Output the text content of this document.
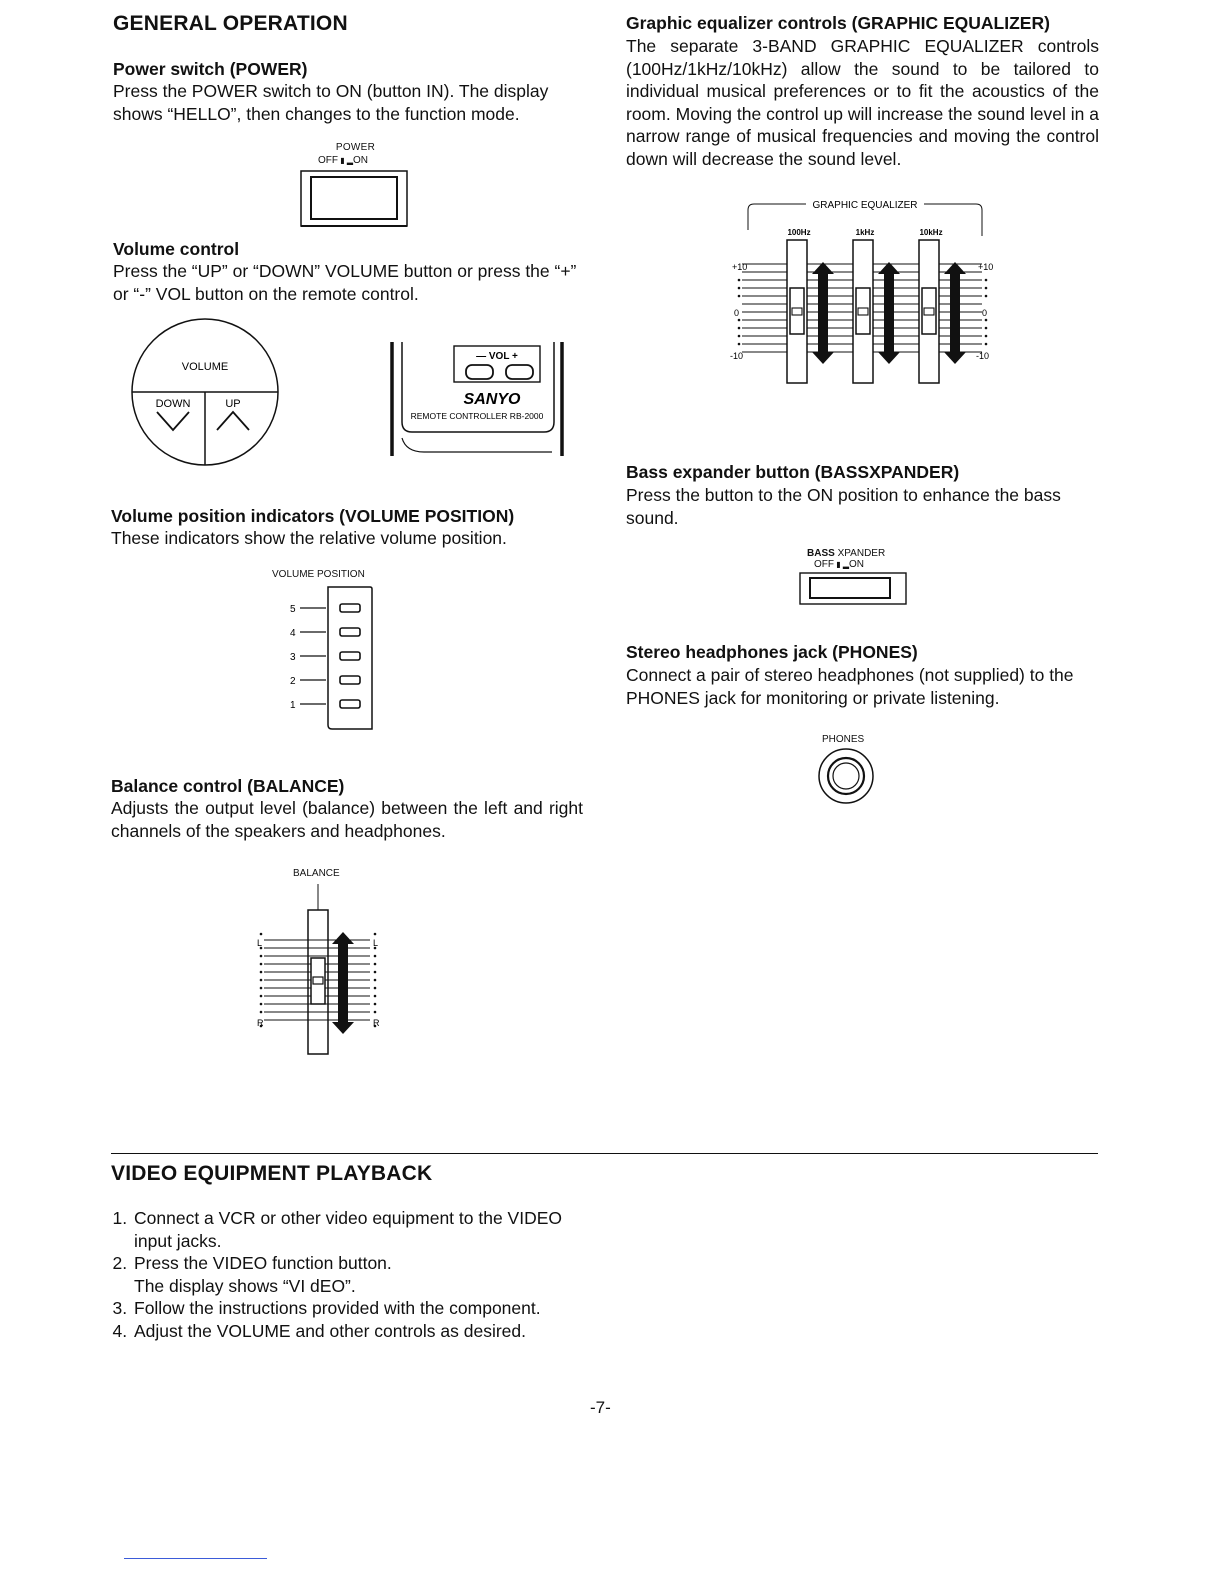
GENERAL OPERATION
Power switch (POWER)
Press the POWER switch to ON (button IN). The display shows “HELLO”, then changes to the function mode.
POWER
OFF ▮ ▂ON
Volume control
Press the “UP” or “DOWN” VOLUME button or press the “+” or “-” VOL button on the remote control.
VOLUME
DOWN	UP
— VOL +
SANYO
REMOTE CONTROLLER RB-2000
Volume position indicators (VOLUME POSITION)
These indicators show the relative volume position.
VOLUME POSITION
5
4
3
2
1
Balance control (BALANCE)
Adjusts the output level (balance) between the left and right channels of the speakers and headphones.
BALANCE
L	L
R	R
Graphic equalizer controls (GRAPHIC EQUALIZER)
The separate 3-BAND GRAPHIC EQUALIZER controls (100Hz/1kHz/10kHz) allow the sound to be tailored to individual musical preferences or to fit the acoustics of the room. Moving the control up will increase the sound level in a narrow range of musical frequencies and moving the control down will decrease the sound level.
GRAPHIC EQUALIZER
100Hz	1kHz	10kHz
+10
0
-10
+10
0
-10
Bass expander button (BASSXPANDER)
Press the button to the ON position to enhance the bass sound.
BASS XPANDER
OFF ▮ ▂ON
Stereo headphones jack (PHONES)
Connect a pair of stereo headphones (not supplied) to the PHONES jack for monitoring or private listening.
PHONES
VIDEO EQUIPMENT PLAYBACK
1. Connect a VCR or other video equipment to the VIDEO input jacks.
2. Press the VIDEO function button.
The display shows “VI dEO”.
3. Follow the instructions provided with the component.
4. Adjust the VOLUME and other controls as desired.
-7-
